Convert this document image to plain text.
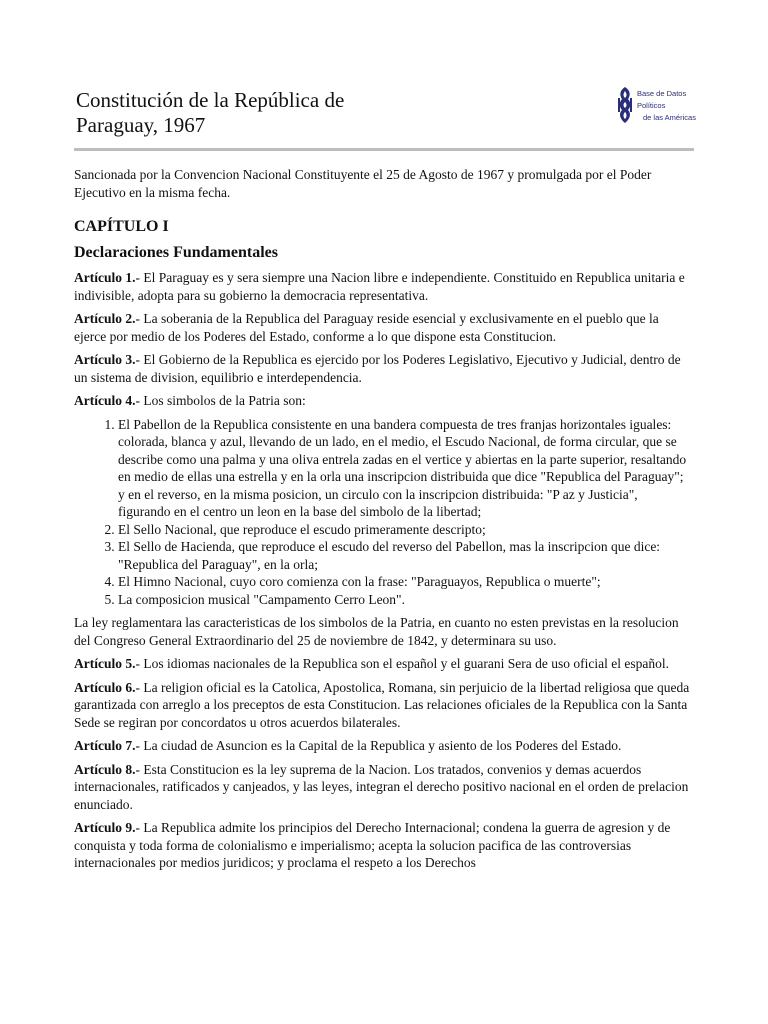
Constitución de la República de
Paraguay, 1967
Base de Datos Políticos
de las Américas

Sancionada por la Convencion Nacional Constituyente el 25 de Agosto de 1967 y promulgada por el Poder Ejecutivo en la misma fecha.

CAPÍTULO I

Declaraciones Fundamentales

Artículo 1.- El Paraguay es y sera siempre una Nacion libre e independiente. Constituido en Republica unitaria e indivisible, adopta para su gobierno la democracia representativa.

Artículo 2.- La soberania de la Republica del Paraguay reside esencial y exclusivamente en el pueblo que la ejerce por medio de los Poderes del Estado, conforme a lo que dispone esta Constitucion.

Artículo 3.- El Gobierno de la Republica es ejercido por los Poderes Legislativo, Ejecutivo y Judicial, dentro de un sistema de division, equilibrio e interdependencia.

Artículo 4.- Los simbolos de la Patria son:

1. El Pabellon de la Republica consistente en una bandera compuesta de tres franjas horizontales iguales: colorada, blanca y azul, llevando de un lado, en el medio, el Escudo Nacional, de forma circular, que se describe como una palma y una oliva entrela zadas en el vertice y abiertas en la parte superior, resaltando en medio de ellas una estrella y en la orla una inscripcion distribuida que dice "Republica del Paraguay"; y en el reverso, en la misma posicion, un circulo con la inscripcion distribuida: "P az y Justicia", figurando en el centro un leon en la base del simbolo de la libertad;
2. El Sello Nacional, que reproduce el escudo primeramente descripto;
3. El Sello de Hacienda, que reproduce el escudo del reverso del Pabellon, mas la inscripcion que dice: "Republica del Paraguay", en la orla;
4. El Himno Nacional, cuyo coro comienza con la frase: "Paraguayos, Republica o muerte";
5. La composicion musical "Campamento Cerro Leon".

La ley reglamentara las caracteristicas de los simbolos de la Patria, en cuanto no esten previstas en la resolucion del Congreso General Extraordinario del 25 de noviembre de 1842, y determinara su uso.

Artículo 5.- Los idiomas nacionales de la Republica son el español y el guarani Sera de uso oficial el español.

Artículo 6.- La religion oficial es la Catolica, Apostolica, Romana, sin perjuicio de la libertad religiosa que queda garantizada con arreglo a los preceptos de esta Constitucion. Las relaciones oficiales de la Republica con la Santa Sede se regiran por concordatos u otros acuerdos bilaterales.

Artículo 7.- La ciudad de Asuncion es la Capital de la Republica y asiento de los Poderes del Estado.

Artículo 8.- Esta Constitucion es la ley suprema de la Nacion. Los tratados, convenios y demas acuerdos internacionales, ratificados y canjeados, y las leyes, integran el derecho positivo nacional en el orden de prelacion enunciado.

Artículo 9.- La Republica admite los principios del Derecho Internacional; condena la guerra de agresion y de conquista y toda forma de colonialismo e imperialismo; acepta la solucion pacifica de las controversias internacionales por medios juridicos; y proclama el respeto a los Derechos
